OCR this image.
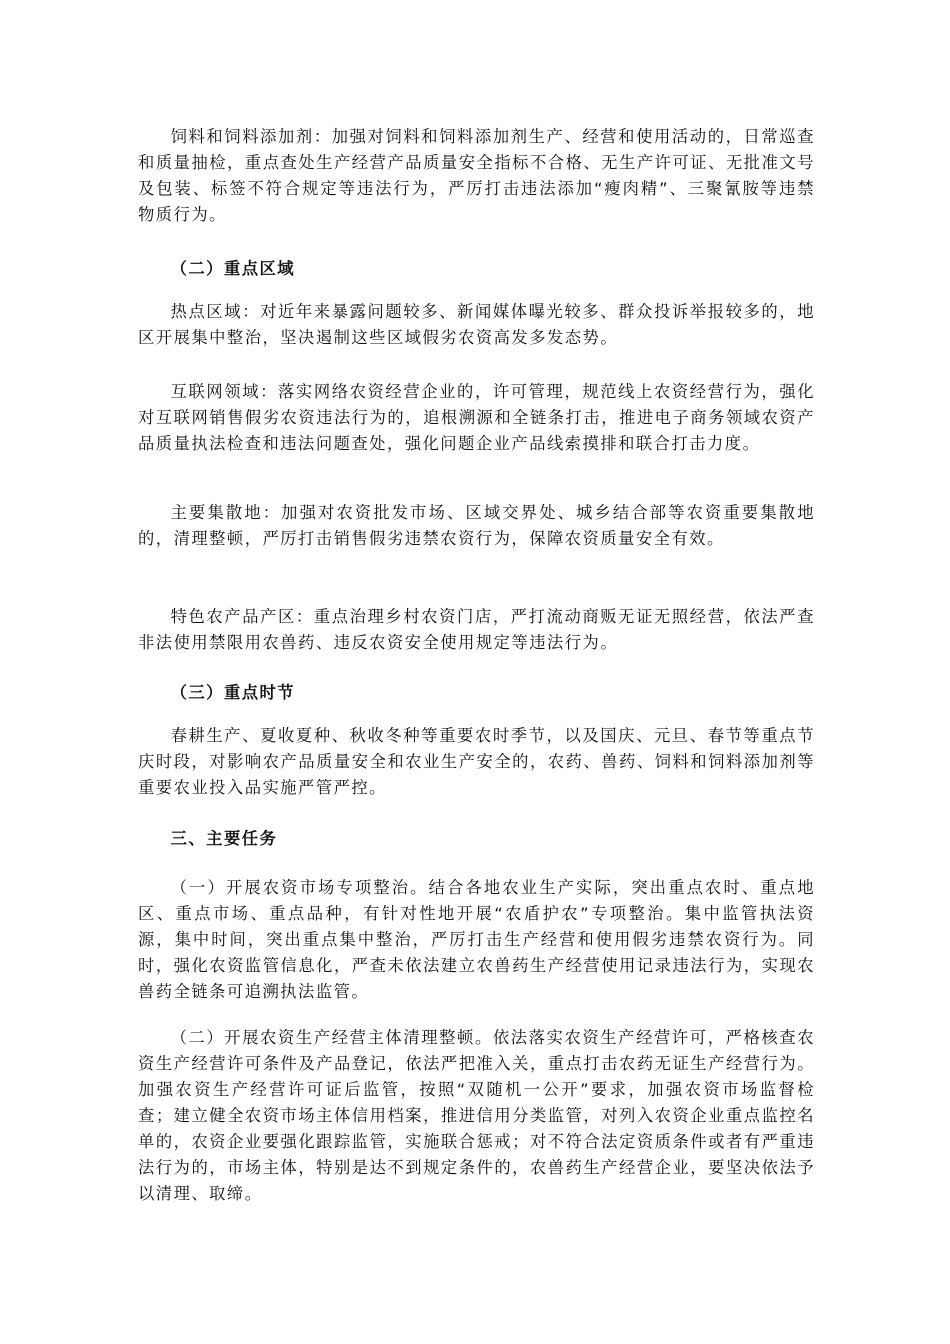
饲料和饲料添加剂：加强对饲料和饲料添加剂生产、经营和使用活动的，日常巡查和质量抽检，重点查处生产经营产品质量安全指标不合格、无生产许可证、无批准文号及包装、标签不符合规定等违法行为，严厉打击违法添加“瘦肉精”、三聚氰胺等违禁物质行为。

（二）重点区域

热点区域：对近年来暴露问题较多、新闻媒体曝光较多、群众投诉举报较多的，地区开展集中整治，坚决遏制这些区域假劣农资高发多发态势。

互联网领域：落实网络农资经营企业的，许可管理，规范线上农资经营行为，强化对互联网销售假劣农资违法行为的，追根溯源和全链条打击，推进电子商务领域农资产品质量执法检查和违法问题查处，强化问题企业产品线索摸排和联合打击力度。

主要集散地：加强对农资批发市场、区域交界处、城乡结合部等农资重要集散地的，清理整顿，严厉打击销售假劣违禁农资行为，保障农资质量安全有效。

特色农产品产区：重点治理乡村农资门店，严打流动商贩无证无照经营，依法严查非法使用禁限用农兽药、违反农资安全使用规定等违法行为。

（三）重点时节

春耕生产、夏收夏种、秋收冬种等重要农时季节，以及国庆、元旦、春节等重点节庆时段，对影响农产品质量安全和农业生产安全的，农药、兽药、饲料和饲料添加剂等重要农业投入品实施严管严控。

三、主要任务

（一）开展农资市场专项整治。结合各地农业生产实际，突出重点农时、重点地区、重点市场、重点品种，有针对性地开展“农盾护农”专项整治。集中监管执法资源，集中时间，突出重点集中整治，严厉打击生产经营和使用假劣违禁农资行为。同时，强化农资监管信息化，严查未依法建立农兽药生产经营使用记录违法行为，实现农兽药全链条可追溯执法监管。

（二）开展农资生产经营主体清理整顿。依法落实农资生产经营许可，严格核查农资生产经营许可条件及产品登记，依法严把准入关，重点打击农药无证生产经营行为。加强农资生产经营许可证后监管，按照“双随机一公开”要求，加强农资市场监督检查；建立健全农资市场主体信用档案，推进信用分类监管，对列入农资企业重点监控名单的，农资企业要强化跟踪监管，实施联合惩戒；对不符合法定资质条件或者有严重违法行为的，市场主体，特别是达不到规定条件的，农兽药生产经营企业，要坚决依法予以清理、取缔。
